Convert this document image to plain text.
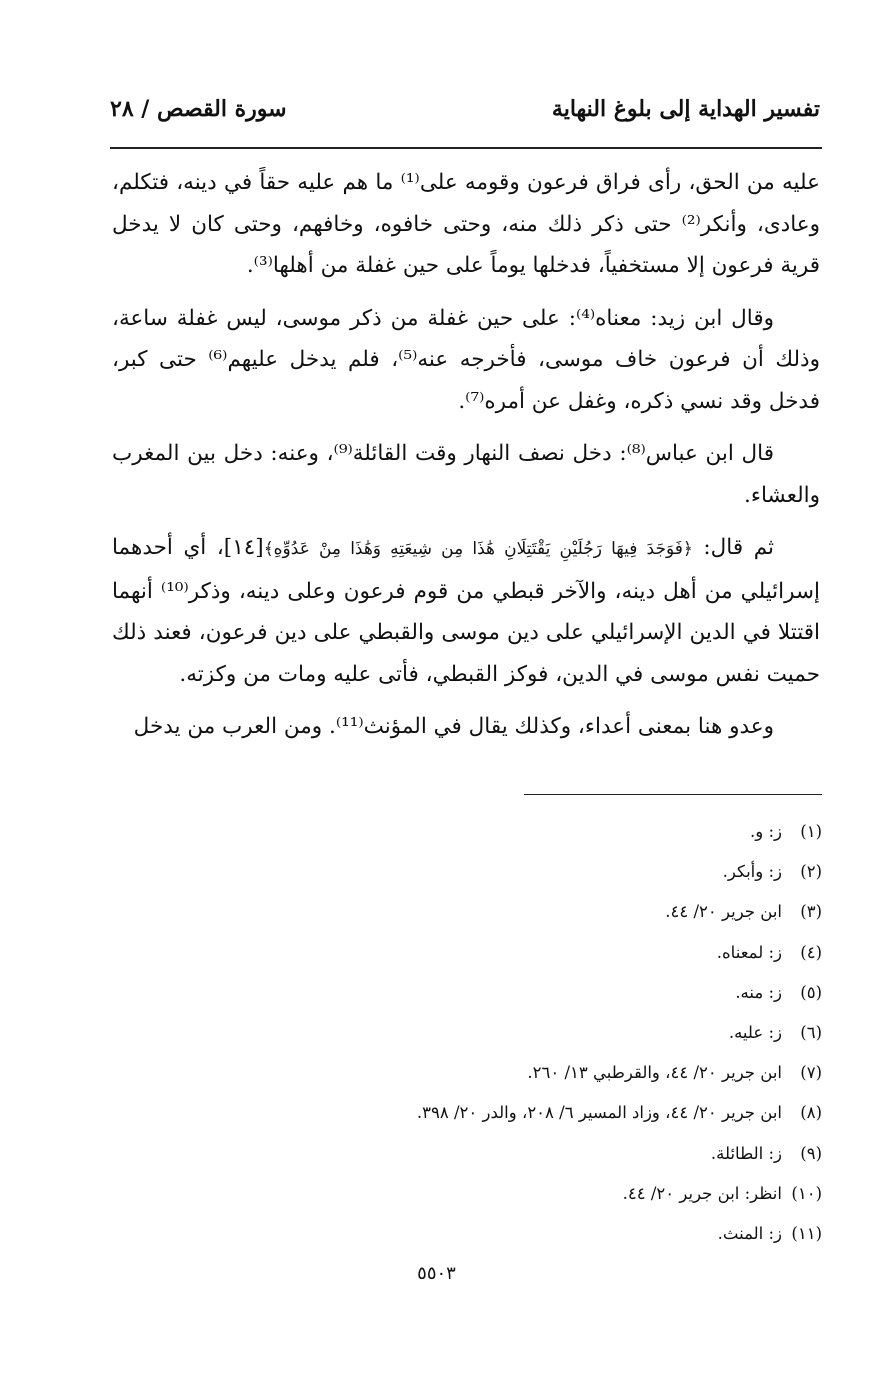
تفسير الهداية إلى بلوغ النهاية
سورة القصص / ٢٨

عليه من الحق، رأى فراق فرعون وقومه على⁽¹⁾ ما هم عليه حقاً في دينه، فتكلم، وعادى، وأنكر⁽²⁾ حتى ذكر ذلك منه، وحتى خافوه، وخافهم، وحتى كان لا يدخل قرية فرعون إلا مستخفياً، فدخلها يوماً على حين غفلة من أهلها⁽³⁾.

وقال ابن زيد: معناه⁽⁴⁾: على حين غفلة من ذكر موسى، ليس غفلة ساعة، وذلك أن فرعون خاف موسى، فأخرجه عنه⁽⁵⁾، فلم يدخل عليهم⁽⁶⁾ حتى كبر، فدخل وقد نسي ذكره، وغفل عن أمره⁽⁷⁾.

قال ابن عباس⁽⁸⁾: دخل نصف النهار وقت القائلة⁽⁹⁾، وعنه: دخل بين المغرب والعشاء.

ثم قال: ﴿فَوَجَدَ فِيهَا رَجُلَيْنِ يَقْتَتِلَانِ هَٰذَا مِن شِيعَتِهِ وَهَٰذَا مِنْ عَدُوِّهِ﴾[١٤]، أي أحدهما إسرائيلي من أهل دينه، والآخر قبطي من قوم فرعون وعلى دينه، وذكر⁽¹⁰⁾ أنهما اقتتلا في الدين الإسرائيلي على دين موسى والقبطي على دين فرعون، فعند ذلك حميت نفس موسى في الدين، فوكز القبطي، فأتى عليه ومات من وكزته.

وعدو هنا بمعنى أعداء، وكذلك يقال في المؤنث⁽¹¹⁾. ومن العرب من يدخل

(١)ز: و.
(٢)ز: وأبكر.
(٣)ابن جرير ٢٠/ ٤٤.
(٤)ز: لمعناه.
(٥)ز: منه.
(٦)ز: عليه.
(٧)ابن جرير ٢٠/ ٤٤، والقرطبي ١٣/ ٢٦٠.
(٨)ابن جرير ٢٠/ ٤٤، وزاد المسير ٦/ ٢٠٨، والدر ٢٠/ ٣٩٨.
(٩)ز: الطائلة.
(١٠)انظر: ابن جرير ٢٠/ ٤٤.
(١١)ز: المنث.
٥٥٠٣
